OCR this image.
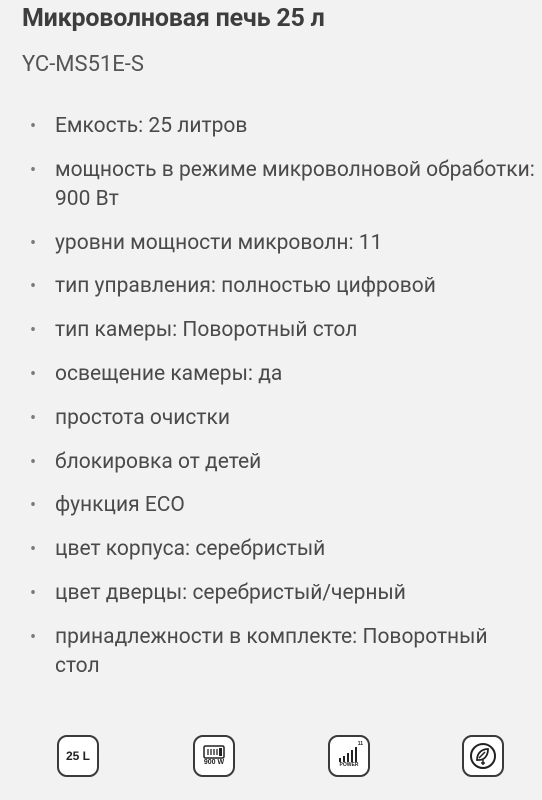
Микроволновая печь 25 л
YC-MS51E-S
• Емкость: 25 литров
• мощность в режиме микроволновой обработки: 900 Вт
• уровни мощности микроволн: 11
• тип управления: полностью цифровой
• тип камеры: Поворотный стол
• освещение камеры: да
• простота очистки
• блокировка от детей
• функция ECO
• цвет корпуса: серебристый
• цвет дверцы: серебристый/черный
• принадлежности в комплекте: Поворотный стол
25 L	900 W
11
POWER
